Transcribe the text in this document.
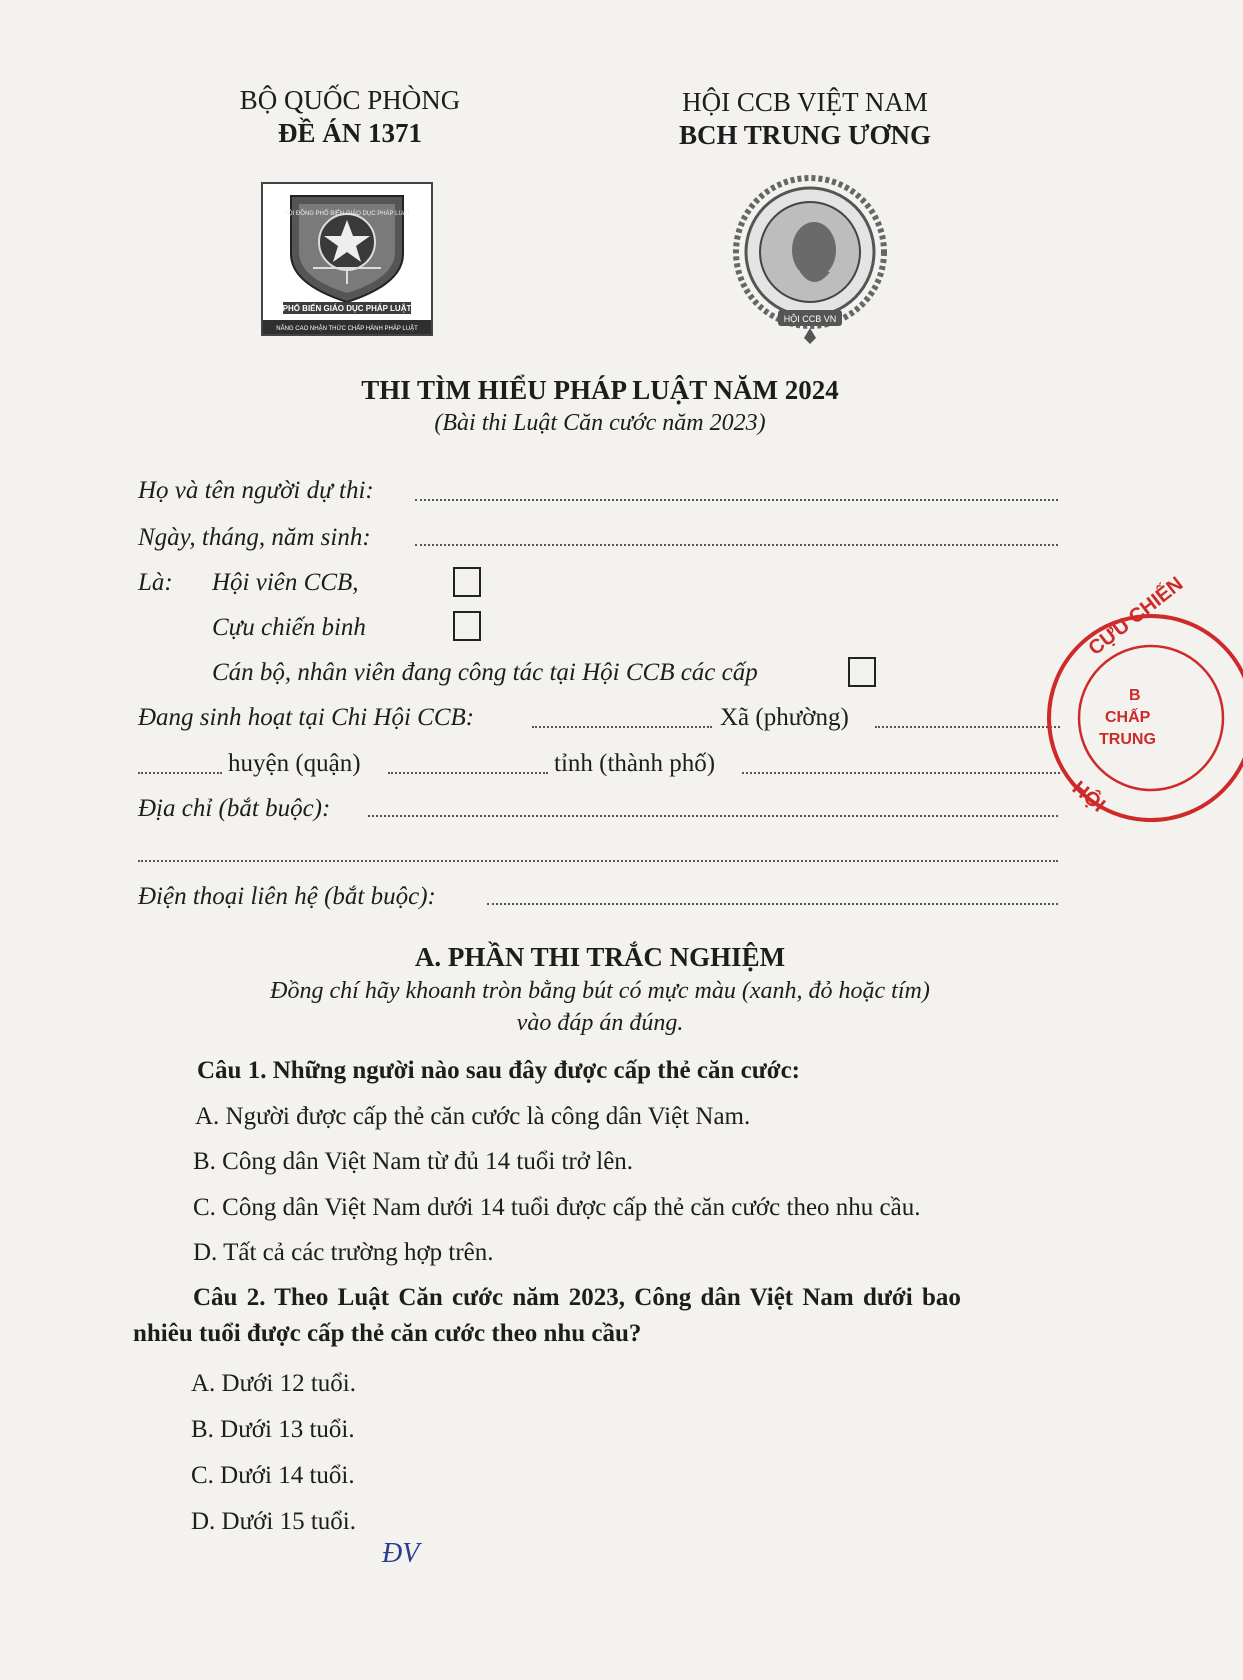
BỘ QUỐC PHÒNG
ĐỀ ÁN 1371
HỘI CCB VIỆT NAM
BCH TRUNG ƯƠNG
PHỔ BIẾN GIÁO DỤC PHÁP LUẬT
NÂNG CAO NHẬN THỨC CHẤP HÀNH PHÁP LUẬT
HỘI ĐỒNG PHỔ BIẾN GIÁO DỤC PHÁP LUẬT
HỘI CCB VN
THI TÌM HIỂU PHÁP LUẬT NĂM 2024
(Bài thi Luật Căn cước năm 2023)
Họ và tên người dự thi:
Ngày, tháng, năm sinh:
Là: Hội viên CCB,
Cựu chiến binh
Cán bộ, nhân viên đang công tác tại Hội CCB các cấp
Đang sinh hoạt tại Chi Hội CCB:	Xã (phường)
huyện (quận)	tỉnh (thành phố)
Địa chỉ (bắt buộc):
Điện thoại liên hệ (bắt buộc):
CỰU CHIẾN
B
CHẤP
TRUNG
HỘI
A. PHẦN THI TRẮC NGHIỆM
Đồng chí hãy khoanh tròn bằng bút có mực màu (xanh, đỏ hoặc tím)
vào đáp án đúng.
Câu 1. Những người nào sau đây được cấp thẻ căn cước:
A. Người được cấp thẻ căn cước là công dân Việt Nam.
B. Công dân Việt Nam từ đủ 14 tuổi trở lên.
C. Công dân Việt Nam dưới 14 tuổi được cấp thẻ căn cước theo nhu cầu.
D. Tất cả các trường hợp trên.
Câu 2. Theo Luật Căn cước năm 2023, Công dân Việt Nam dưới bao
nhiêu tuổi được cấp thẻ căn cước theo nhu cầu?
A. Dưới 12 tuổi.
B. Dưới 13 tuổi.
C. Dưới 14 tuổi.
D. Dưới 15 tuổi.
ĐV
